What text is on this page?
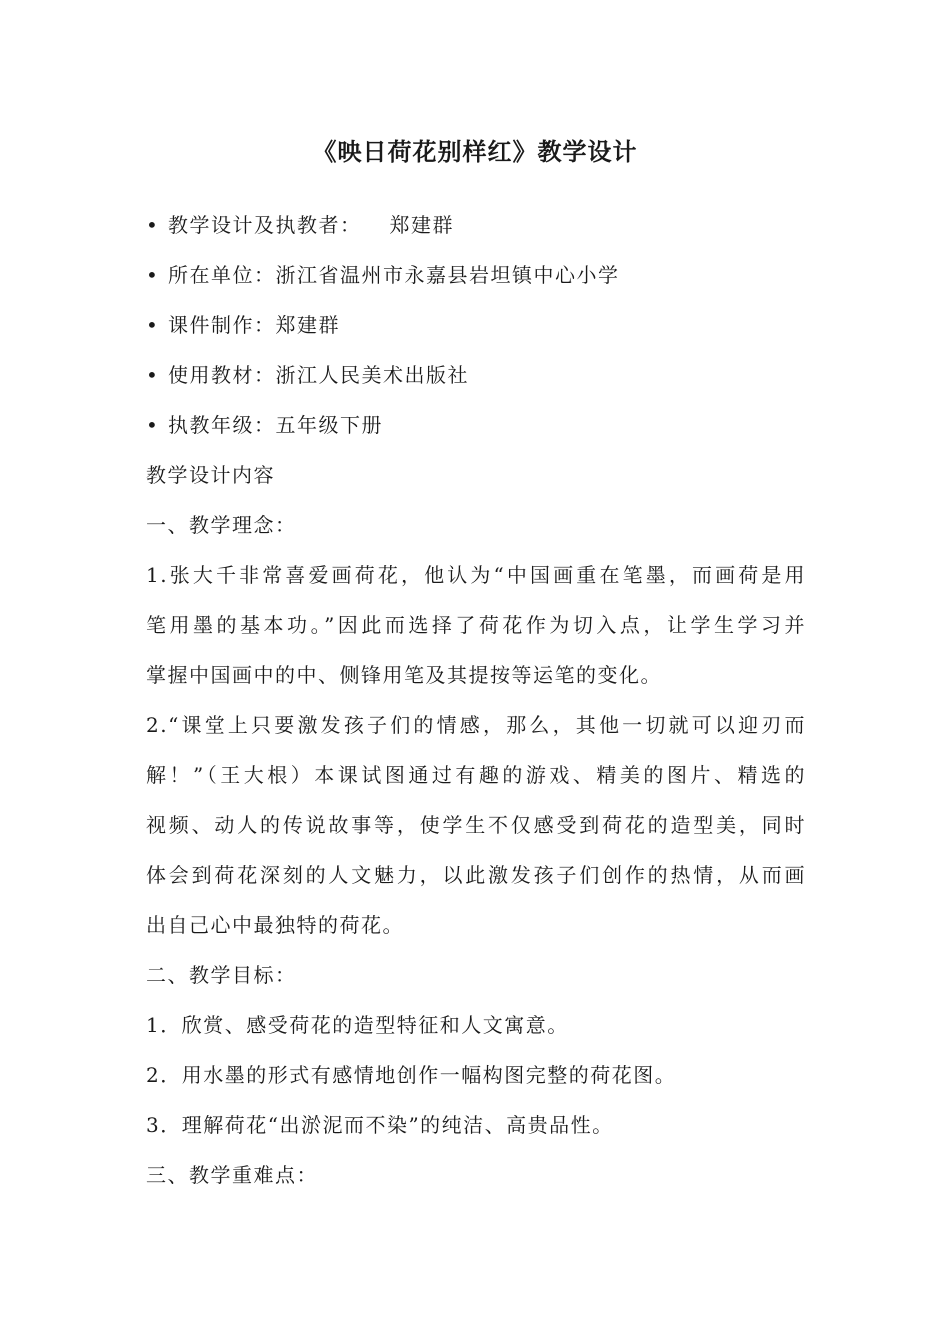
《映日荷花别样红》教学设计
• 教学设计及执教者： 郑建群
• 所在单位：浙江省温州市永嘉县岩坦镇中心小学
• 课件制作：郑建群
• 使用教材：浙江人民美术出版社
• 执教年级：五年级下册
教学设计内容
一、教学理念：
1.张大千非常喜爱画荷花，他认为“中国画重在笔墨，而画荷是用
笔用墨的基本功。”因此而选择了荷花作为切入点，让学生学习并
掌握中国画中的中、侧锋用笔及其提按等运笔的变化。
2.“课堂上只要激发孩子们的情感，那么，其他一切就可以迎刃而
解！”（王大根）本课试图通过有趣的游戏、精美的图片、精选的
视频、动人的传说故事等，使学生不仅感受到荷花的造型美，同时
体会到荷花深刻的人文魅力，以此激发孩子们创作的热情，从而画
出自己心中最独特的荷花。
二、教学目标：
1．欣赏、感受荷花的造型特征和人文寓意。
2．用水墨的形式有感情地创作一幅构图完整的荷花图。
3．理解荷花“出淤泥而不染”的纯洁、高贵品性。
三、教学重难点：
